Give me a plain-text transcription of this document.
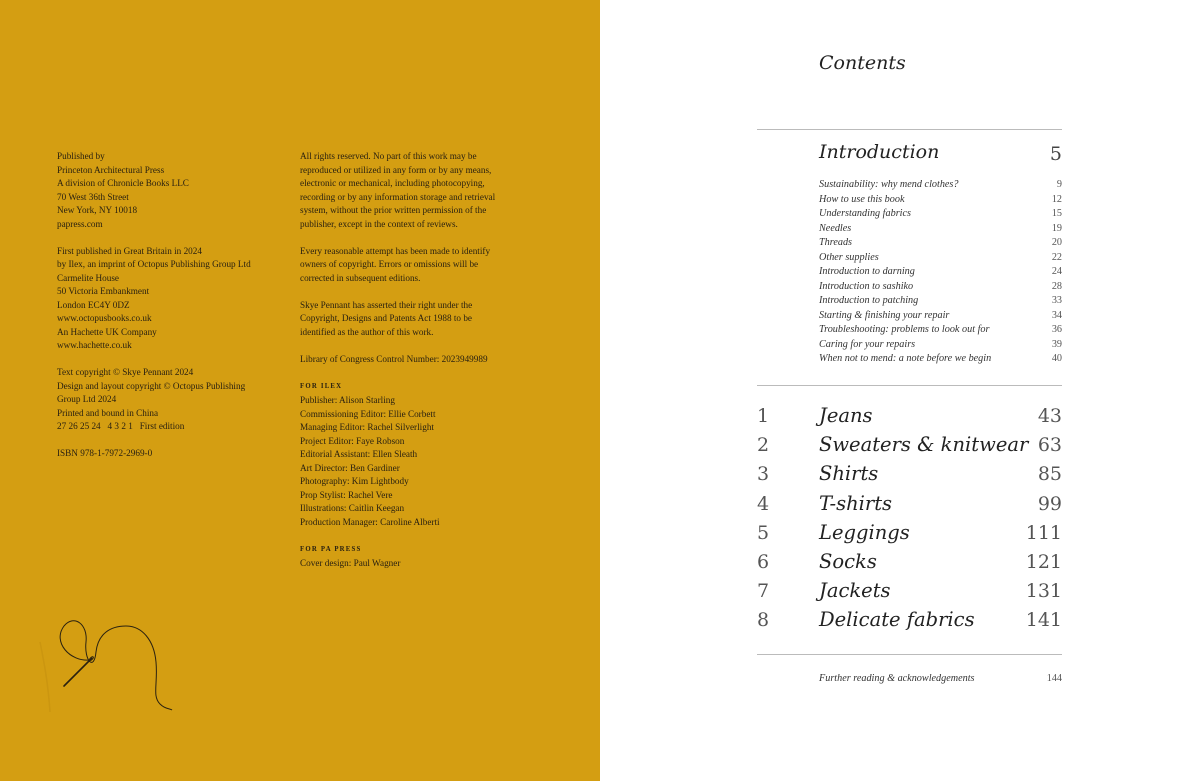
Published by
Princeton Architectural Press
A division of Chronicle Books LLC
70 West 36th Street
New York, NY 10018
papress.com
First published in Great Britain in 2024
by Ilex, an imprint of Octopus Publishing Group Ltd
Carmelite House
50 Victoria Embankment
London EC4Y 0DZ
www.octopusbooks.co.uk
An Hachette UK Company
www.hachette.co.uk
Text copyright © Skye Pennant 2024
Design and layout copyright © Octopus Publishing
Group Ltd 2024
Printed and bound in China
27 26 25 24   4 3 2 1   First edition
ISBN 978-1-7972-2969-0
All rights reserved. No part of this work may be
reproduced or utilized in any form or by any means,
electronic or mechanical, including photocopying,
recording or by any information storage and retrieval
system, without the prior written permission of the
publisher, except in the context of reviews.
Every reasonable attempt has been made to identify
owners of copyright. Errors or omissions will be
corrected in subsequent editions.
Skye Pennant has asserted their right under the
Copyright, Designs and Patents Act 1988 to be
identified as the author of this work.
Library of Congress Control Number: 2023949989
FOR ILEX
Publisher: Alison Starling
Commissioning Editor: Ellie Corbett
Managing Editor: Rachel Silverlight
Project Editor: Faye Robson
Editorial Assistant: Ellen Sleath
Art Director: Ben Gardiner
Photography: Kim Lightbody
Prop Stylist: Rachel Vere
Illustrations: Caitlin Keegan
Production Manager: Caroline Alberti
FOR PA PRESS
Cover design: Paul Wagner
Contents
Introduction	5
Sustainability: why mend clothes?	9
How to use this book	12
Understanding fabrics	15
Needles	19
Threads	20
Other supplies	22
Introduction to darning	24
Introduction to sashiko	28
Introduction to patching	33
Starting & finishing your repair	34
Troubleshooting: problems to look out for	36
Caring for your repairs	39
When not to mend: a note before we begin	40
1	Jeans	43
2	Sweaters & knitwear 63
3	Shirts	85
4	T-shirts	99
5	Leggings	111
6	Socks	121
7	Jackets	131
8	Delicate fabrics	141
Further reading & acknowledgements	144
